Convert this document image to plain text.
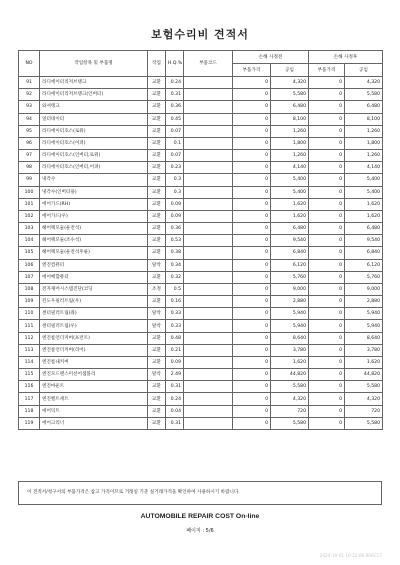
보험수리비 견적서
NO	작업항목 및 부품명	작업	H.Q.%	부품코드	손해 사정전		손해 사정후	
					부품가격	공임	부품가격	공임
91	라디에이터리저브탱크	교환	0.24		0	4,320	0	4,320
92	라디에이터리저브탱크(인버터)	교환	0.31		0	5,580	0	5,580
93	와셔탱크	교환	0.36		0	6,480	0	6,480
94	얼터네이터	교환	0.45		0	8,100	0	8,100
95	라디에이터호스(로워)	교환	0.07		0	1,260	0	1,260
96	라디에이터호스(어퍼)	교환	0.1		0	1,800	0	1,800
97	라디에이터호스(인버터,로워)	교환	0.07		0	1,260	0	1,260
98	라디에이터호스(인버터,어퍼)	교환	0.23		0	4,140	0	4,140
99	냉각수	교환	0.3		0	5,400	0	5,400
100	냉각수(인버터용)	교환	0.3		0	5,400	0	5,400
101	에어가드(RH)	교환	0.09		0	1,620	0	1,620
102	에어가드(우)	교환	0.09		0	1,620	0	1,620
103	헤어랙모듈(운전석)	교환	0.36		0	6,480	0	6,480
104	헤어랙모듈(조수석)	교환	0.53		0	9,540	0	9,540
105	헤어랙모듈(운전석후륜)	교환	0.38		0	6,840	0	6,840
106	엔진컴퓨터	탈착	0.34		0	6,120	0	6,120
107	에어배합퓨터	교환	0.32		0	5,760	0	5,760
108	전자제어시스템진단(코딩	조정	0.5		0	9,000	0	9,000
109	윈도우필러트림(우)	교환	0.16		0	2,880	0	2,880
110	센터필러트림(좌)	탈착	0.33		0	5,940	0	5,940
111	센터필러트림(우)	탈착	0.33		0	5,940	0	5,940
112	엔진룸언더커버(프런트)	교환	0.48		0	8,640	0	8,640
113	엔진룸언더커버(리어)	교환	0.21		0	3,780	0	3,780
114	엔진룸내커버	교환	0.09		0	1,620	0	1,620
115	엔진모드랜스미션어셈블리	탈착	2.49		0	44,820	0	44,820
116	엔진마운트	교환	0.31		0	5,580	0	5,580
117	엔진벨트세트	교환	0.24		0	4,320	0	4,320
118	에어덕트	교환	0.04		0	720	0	720
119	에어크리너	교환	0.31		0	5,580	0	5,580
이 견적서/청구서의 부품가격은 참고 가격이므로 거래일 기준 실거래가격을 확인하여 사용하시기 바랍니다.
AUTOMOBILE REPAIR COST On-line
페이지 : 5/6
2024-10-01 10:22:06 R06C17
